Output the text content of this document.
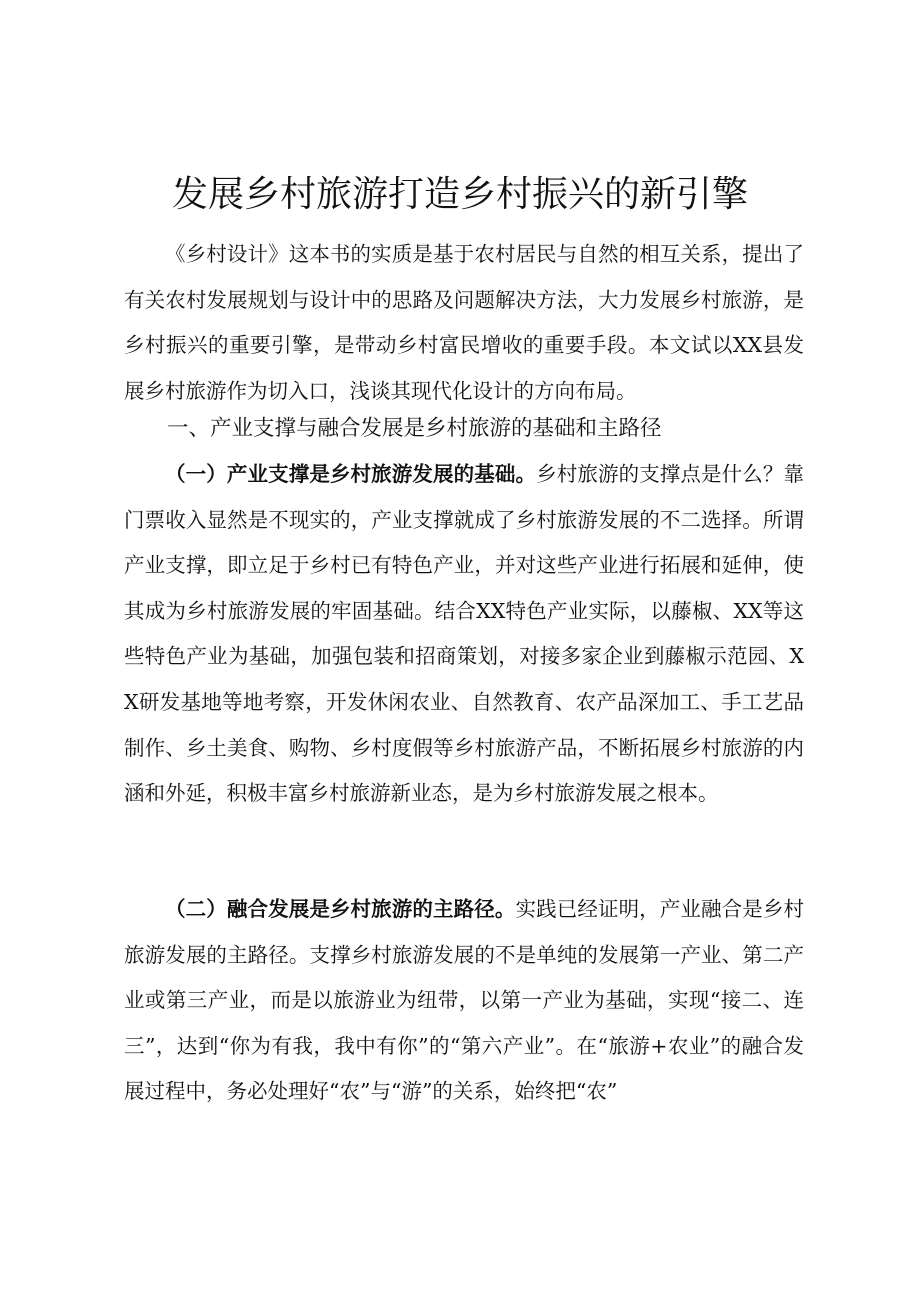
发展乡村旅游打造乡村振兴的新引擎

《乡村设计》这本书的实质是基于农村居民与自然的相互关系，提出了有关农村发展规划与设计中的思路及问题解决方法，大力发展乡村旅游，是乡村振兴的重要引擎，是带动乡村富民增收的重要手段。本文试以XX县发展乡村旅游作为切入口，浅谈其现代化设计的方向布局。

一、产业支撑与融合发展是乡村旅游的基础和主路径

（一）产业支撑是乡村旅游发展的基础。乡村旅游的支撑点是什么？靠门票收入显然是不现实的，产业支撑就成了乡村旅游发展的不二选择。所谓产业支撑，即立足于乡村已有特色产业，并对这些产业进行拓展和延伸，使其成为乡村旅游发展的牢固基础。结合XX特色产业实际，以藤椒、XX等这些特色产业为基础，加强包装和招商策划，对接多家企业到藤椒示范园、XX研发基地等地考察，开发休闲农业、自然教育、农产品深加工、手工艺品制作、乡土美食、购物、乡村度假等乡村旅游产品，不断拓展乡村旅游的内涵和外延，积极丰富乡村旅游新业态，是为乡村旅游发展之根本。

（二）融合发展是乡村旅游的主路径。实践已经证明，产业融合是乡村旅游发展的主路径。支撑乡村旅游发展的不是单纯的发展第一产业、第二产业或第三产业，而是以旅游业为纽带，以第一产业为基础，实现“接二、连三”，达到“你为有我，我中有你”的“第六产业”。在“旅游+农业”的融合发展过程中，务必处理好“农”与“游”的关系，始终把“农”
